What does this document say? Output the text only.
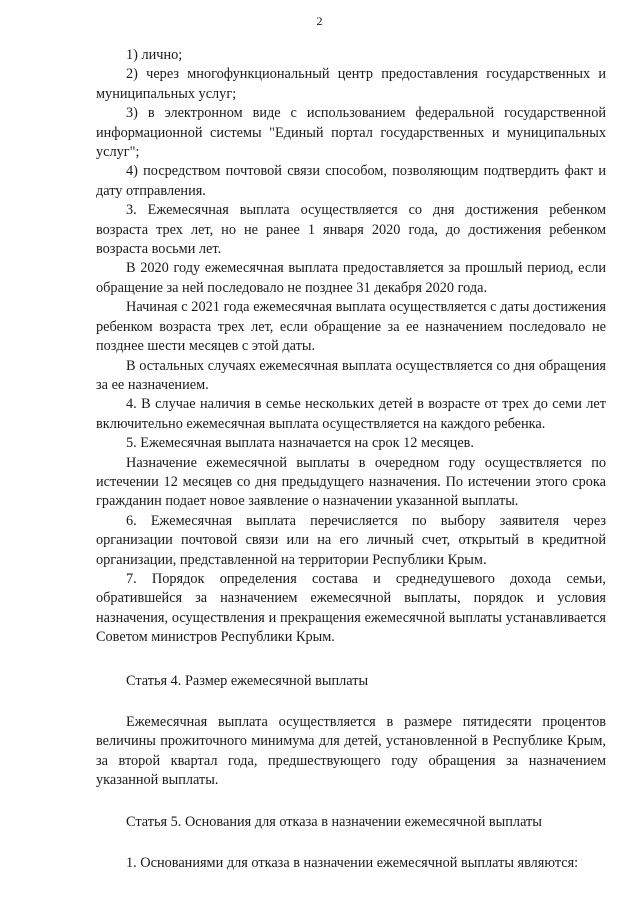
2

1) лично;

2) через многофункциональный центр предоставления государственных и муниципальных услуг;

3) в электронном виде с использованием федеральной государственной информационной системы "Единый портал государственных и муниципальных услуг";

4) посредством почтовой связи способом, позволяющим подтвердить факт и дату отправления.

3. Ежемесячная выплата осуществляется со дня достижения ребенком возраста трех лет, но не ранее 1 января 2020 года, до достижения ребенком возраста восьми лет.

В 2020 году ежемесячная выплата предоставляется за прошлый период, если обращение за ней последовало не позднее 31 декабря 2020 года.

Начиная с 2021 года ежемесячная выплата осуществляется с даты достижения ребенком возраста трех лет, если обращение за ее назначением последовало не позднее шести месяцев с этой даты.

В остальных случаях ежемесячная выплата осуществляется со дня обращения за ее назначением.

4. В случае наличия в семье нескольких детей в возрасте от трех до семи лет включительно ежемесячная выплата осуществляется на каждого ребенка.

5. Ежемесячная выплата назначается на срок 12 месяцев.

Назначение ежемесячной выплаты в очередном году осуществляется по истечении 12 месяцев со дня предыдущего назначения. По истечении этого срока гражданин подает новое заявление о назначении указанной выплаты.

6. Ежемесячная выплата перечисляется по выбору заявителя через организации почтовой связи или на его личный счет, открытый в кредитной организации, представленной на территории Республики Крым.

7. Порядок определения состава и среднедушевого дохода семьи, обратившейся за назначением ежемесячной выплаты, порядок и условия назначения, осуществления и прекращения ежемесячной выплаты устанавливается Советом министров Республики Крым.

Статья 4. Размер ежемесячной выплаты

Ежемесячная выплата осуществляется в размере пятидесяти процентов величины прожиточного минимума для детей, установленной в Республике Крым, за второй квартал года, предшествующего году обращения за назначением указанной выплаты.

Статья 5. Основания для отказа в назначении ежемесячной выплаты

1. Основаниями для отказа в назначении ежемесячной выплаты являются:
